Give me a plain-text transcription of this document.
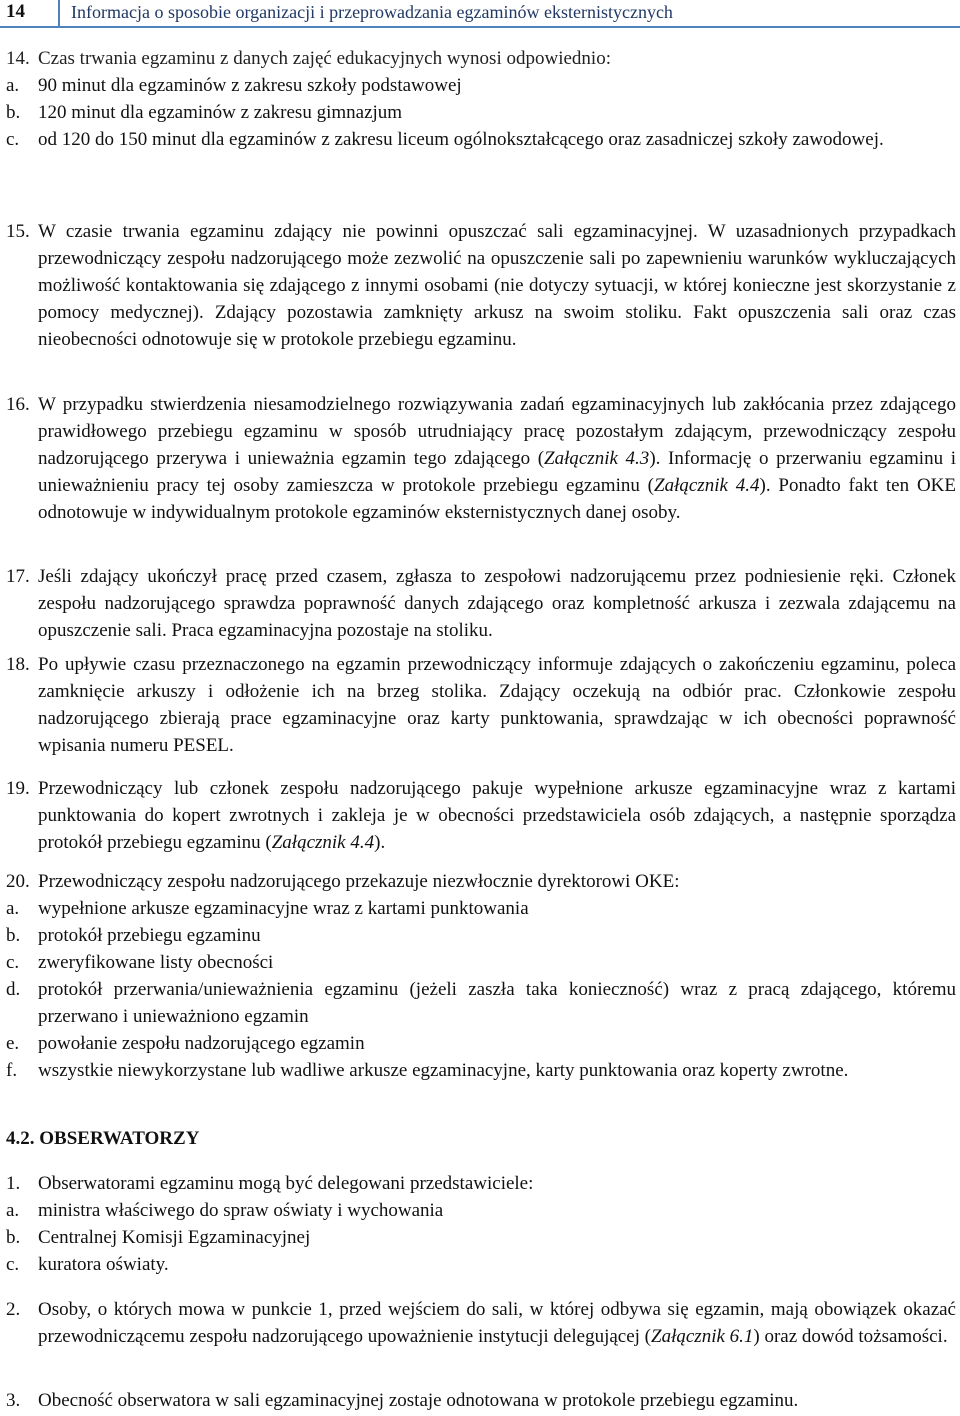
14	Informacja o sposobie organizacji i przeprowadzania egzaminów eksternistycznych
14. Czas trwania egzaminu z danych zajęć edukacyjnych wynosi odpowiednio:
a. 90 minut dla egzaminów z zakresu szkoły podstawowej
b. 120 minut dla egzaminów z zakresu gimnazjum
c. od 120 do 150 minut dla egzaminów z zakresu liceum ogólnokształcącego oraz zasadniczej szkoły zawodowej.
15. W czasie trwania egzaminu zdający nie powinni opuszczać sali egzaminacyjnej. W uzasadnionych przypadkach przewodniczący zespołu nadzorującego może zezwolić na opuszczenie sali po zapewnieniu warunków wykluczających możliwość kontaktowania się zdającego z innymi osobami (nie dotyczy sytuacji, w której konieczne jest skorzystanie z pomocy medycznej). Zdający pozostawia zamknięty arkusz na swoim stoliku. Fakt opuszczenia sali oraz czas nieobecności odnotowuje się w protokole przebiegu egzaminu.
16. W przypadku stwierdzenia niesamodzielnego rozwiązywania zadań egzaminacyjnych lub zakłócania przez zdającego prawidłowego przebiegu egzaminu w sposób utrudniający pracę pozostałym zdającym, przewodniczący zespołu nadzorującego przerywa i unieważnia egzamin tego zdającego (Załącznik 4.3). Informację o przerwaniu egzaminu i unieważnieniu pracy tej osoby zamieszcza w protokole przebiegu egzaminu (Załącznik 4.4). Ponadto fakt ten OKE odnotowuje w indywidualnym protokole egzaminów eksternistycznych danej osoby.
17. Jeśli zdający ukończył pracę przed czasem, zgłasza to zespołowi nadzorującemu przez podniesienie ręki. Członek zespołu nadzorującego sprawdza poprawność danych zdającego oraz kompletność arkusza i zezwala zdającemu na opuszczenie sali. Praca egzaminacyjna pozostaje na stoliku.
18. Po upływie czasu przeznaczonego na egzamin przewodniczący informuje zdających o zakończeniu egzaminu, poleca zamknięcie arkuszy i odłożenie ich na brzeg stolika. Zdający oczekują na odbiór prac. Członkowie zespołu nadzorującego zbierają prace egzaminacyjne oraz karty punktowania, sprawdzając w ich obecności poprawność wpisania numeru PESEL.
19. Przewodniczący lub członek zespołu nadzorującego pakuje wypełnione arkusze egzaminacyjne wraz z kartami punktowania do kopert zwrotnych i zakleja je w obecności przedstawiciela osób zdających, a następnie sporządza protokół przebiegu egzaminu (Załącznik 4.4).
20. Przewodniczący zespołu nadzorującego przekazuje niezwłocznie dyrektorowi OKE:
a. wypełnione arkusze egzaminacyjne wraz z kartami punktowania
b. protokół przebiegu egzaminu
c. zweryfikowane listy obecności
d. protokół przerwania/unieważnienia egzaminu (jeżeli zaszła taka konieczność) wraz z pracą zdającego, któremu przerwano i unieważniono egzamin
e. powołanie zespołu nadzorującego egzamin
f.	wszystkie niewykorzystane lub wadliwe arkusze egzaminacyjne, karty punktowania oraz koperty zwrotne.
4.2. OBSERWATORZY
1. Obserwatorami egzaminu mogą być delegowani przedstawiciele:
a. ministra właściwego do spraw oświaty i wychowania
b. Centralnej Komisji Egzaminacyjnej
c. kuratora oświaty.
2. Osoby, o których mowa w punkcie 1, przed wejściem do sali, w której odbywa się egzamin, mają obowiązek okazać przewodniczącemu zespołu nadzorującego upoważnienie instytucji delegującej (Załącznik 6.1) oraz dowód tożsamości.
3. Obecność obserwatora w sali egzaminacyjnej zostaje odnotowana w protokole przebiegu egzaminu.
